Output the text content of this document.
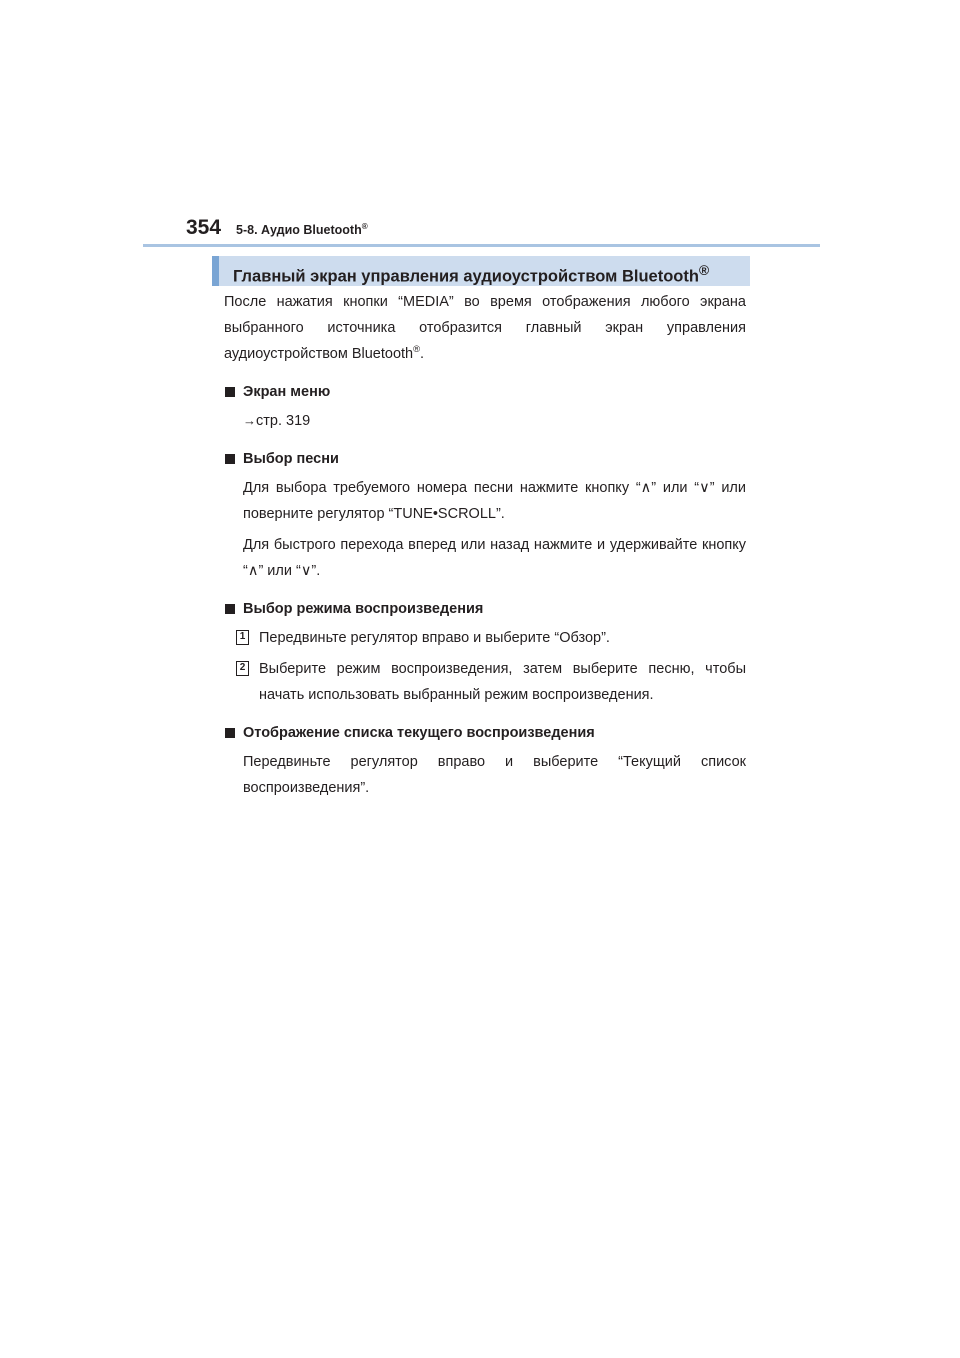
354 5-8. Аудио Bluetooth®
Главный экран управления аудиоустройством Bluetooth®

После нажатия кнопки “MEDIA” во время отображения любого экрана выбранного источника отобразится главный экран управления аудиоустройством Bluetooth®.

Экран меню

→стр. 319

Выбор песни

Для выбора требуемого номера песни нажмите кнопку “∧” или “∨” или поверните регулятор “TUNE•SCROLL”.

Для быстрого перехода вперед или назад нажмите и удерживайте кнопку “∧” или “∨”.

Выбор режима воспроизведения
1 Передвиньте регулятор вправо и выберите “Обзор”.

2 Выберите режим воспроизведения, затем выберите песню, чтобы начать использовать выбранный режим воспроизведения.

Отображение списка текущего воспроизведения

Передвиньте регулятор вправо и выберите “Текущий список воспроизведения”.
